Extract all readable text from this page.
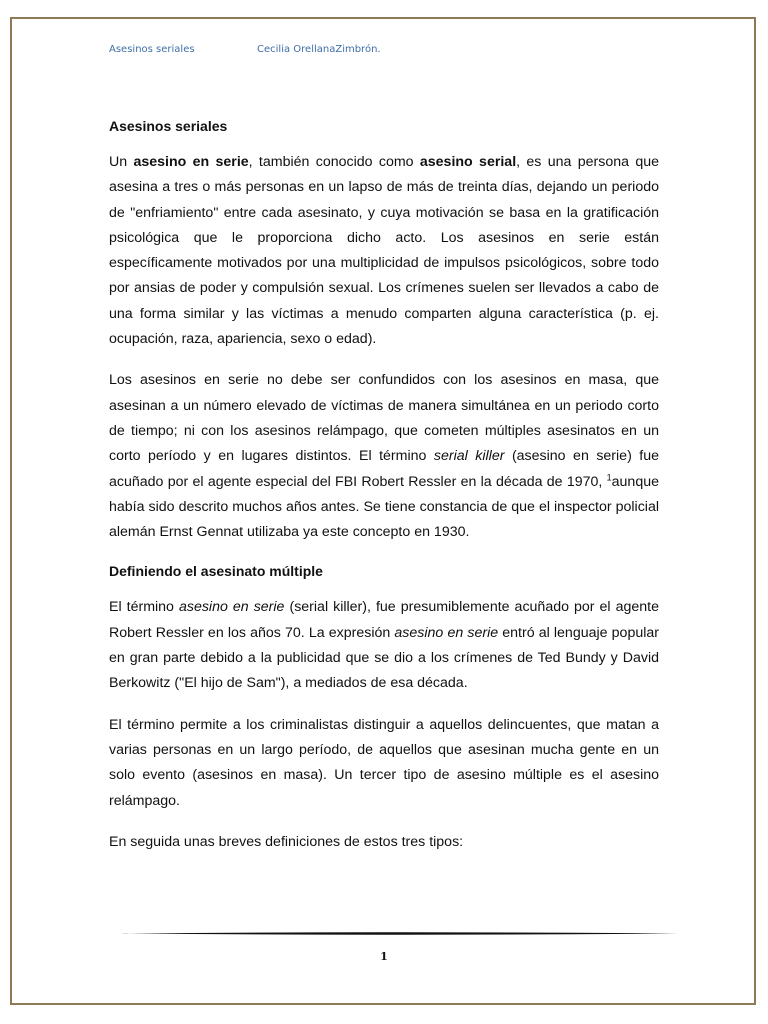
Asesinos seriales	Cecilia OrellanaZimbrón.
Asesinos seriales

Un asesino en serie, también conocido como asesino serial, es una persona que asesina a tres o más personas en un lapso de más de treinta días, dejando un periodo de "enfriamiento" entre cada asesinato, y cuya motivación se basa en la gratificación psicológica que le proporciona dicho acto. Los asesinos en serie están específicamente motivados por una multiplicidad de impulsos psicológicos, sobre todo por ansias de poder y compulsión sexual. Los crímenes suelen ser llevados a cabo de una forma similar y las víctimas a menudo comparten alguna característica (p. ej. ocupación, raza, apariencia, sexo o edad).

Los asesinos en serie no debe ser confundidos con los asesinos en masa, que asesinan a un número elevado de víctimas de manera simultánea en un periodo corto de tiempo; ni con los asesinos relámpago, que cometen múltiples asesinatos en un corto período y en lugares distintos. El término serial killer (asesino en serie) fue acuñado por el agente especial del FBI Robert Ressler en la década de 1970, $^1$aunque había sido descrito muchos años antes. Se tiene constancia de que el inspector policial alemán Ernst Gennat utilizaba ya este concepto en 1930.

Definiendo el asesinato múltiple

El término asesino en serie (serial killer), fue presumiblemente acuñado por el agente Robert Ressler en los años 70. La expresión asesino en serie entró al lenguaje popular en gran parte debido a la publicidad que se dio a los crímenes de Ted Bundy y David Berkowitz ("El hijo de Sam"), a mediados de esa década.

El término permite a los criminalistas distinguir a aquellos delincuentes, que matan a varias personas en un largo período, de aquellos que asesinan mucha gente en un solo evento (asesinos en masa). Un tercer tipo de asesino múltiple es el asesino relámpago.

En seguida unas breves definiciones de estos tres tipos:

1
